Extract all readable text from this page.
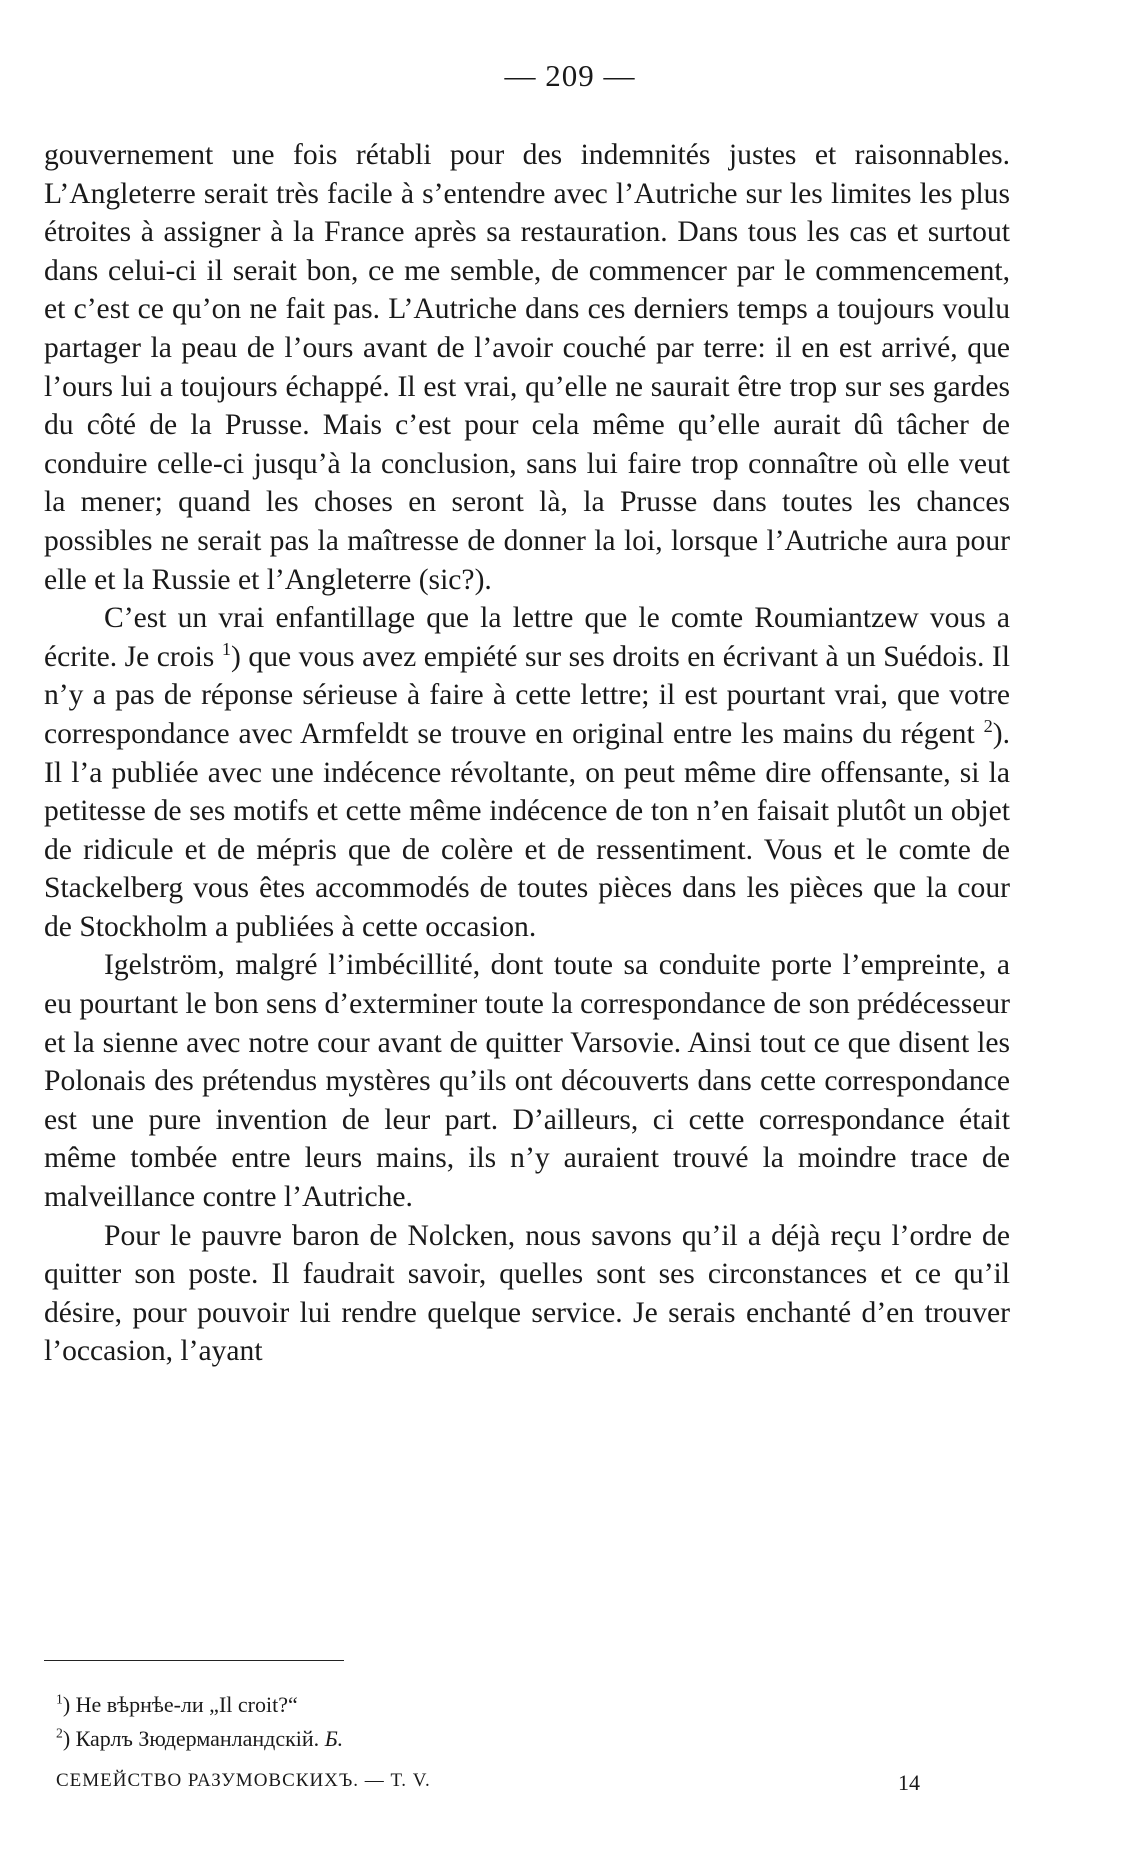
— 209 —

gouvernement une fois rétabli pour des indemnités justes et raisonnables. L’Angleterre serait très facile à s’entendre avec l’Autriche sur les limites les plus étroites à assigner à la France après sa restauration. Dans tous les cas et surtout dans celui-ci il serait bon, ce me semble, de commencer par le commencement, et c’est ce qu’on ne fait pas. L’Autriche dans ces derniers temps a toujours voulu partager la peau de l’ours avant de l’avoir couché par terre: il en est arrivé, que l’ours lui a toujours échappé. Il est vrai, qu’elle ne saurait être trop sur ses gardes du côté de la Prusse. Mais c’est pour cela même qu’elle aurait dû tâcher de conduire celle-ci jusqu’à la conclusion, sans lui faire trop connaître où elle veut la mener; quand les choses en seront là, la Prusse dans toutes les chances possibles ne serait pas la maîtresse de donner la loi, lorsque l’Autriche aura pour elle et la Russie et l’Angleterre (sic?).

C’est un vrai enfantillage que la lettre que le comte Roumiantzew vous a écrite. Je crois $^1$) que vous avez empiété sur ses droits en écrivant à un Suédois. Il n’y a pas de réponse sérieuse à faire à cette lettre; il est pourtant vrai, que votre correspondance avec Armfeldt se trouve en original entre les mains du régent $^2$). Il l’a publiée avec une indécence révoltante, on peut même dire offensante, si la petitesse de ses motifs et cette même indécence de ton n’en faisait plutôt un objet de ridicule et de mépris que de colère et de ressentiment. Vous et le comte de Stackelberg vous êtes accommodés de toutes pièces dans les pièces que la cour de Stockholm a publiées à cette occasion.

Igelström, malgré l’imbécillité, dont toute sa conduite porte l’empreinte, a eu pourtant le bon sens d’exterminer toute la correspondance de son prédécesseur et la sienne avec notre cour avant de quitter Varsovie. Ainsi tout ce que disent les Polonais des prétendus mystères qu’ils ont découverts dans cette correspondance est une pure invention de leur part. D’ailleurs, ci cette correspondance était même tombée entre leurs mains, ils n’y auraient trouvé la moindre trace de malveillance contre l’Autriche.

Pour le pauvre baron de Nolcken, nous savons qu’il a déjà reçu l’ordre de quitter son poste. Il faudrait savoir, quelles sont ses circonstances et ce qu’il désire, pour pouvoir lui rendre quelque service. Je serais enchanté d’en trouver l’occasion, l’ayant

$^1$) Не вѣрнѣе-ли „Il croit?“
$^2$) Карлъ Зюдерманландскій. Б.
СЕМЕЙСТВО РАЗУМОВСКИХЪ. — Т. V.	14
